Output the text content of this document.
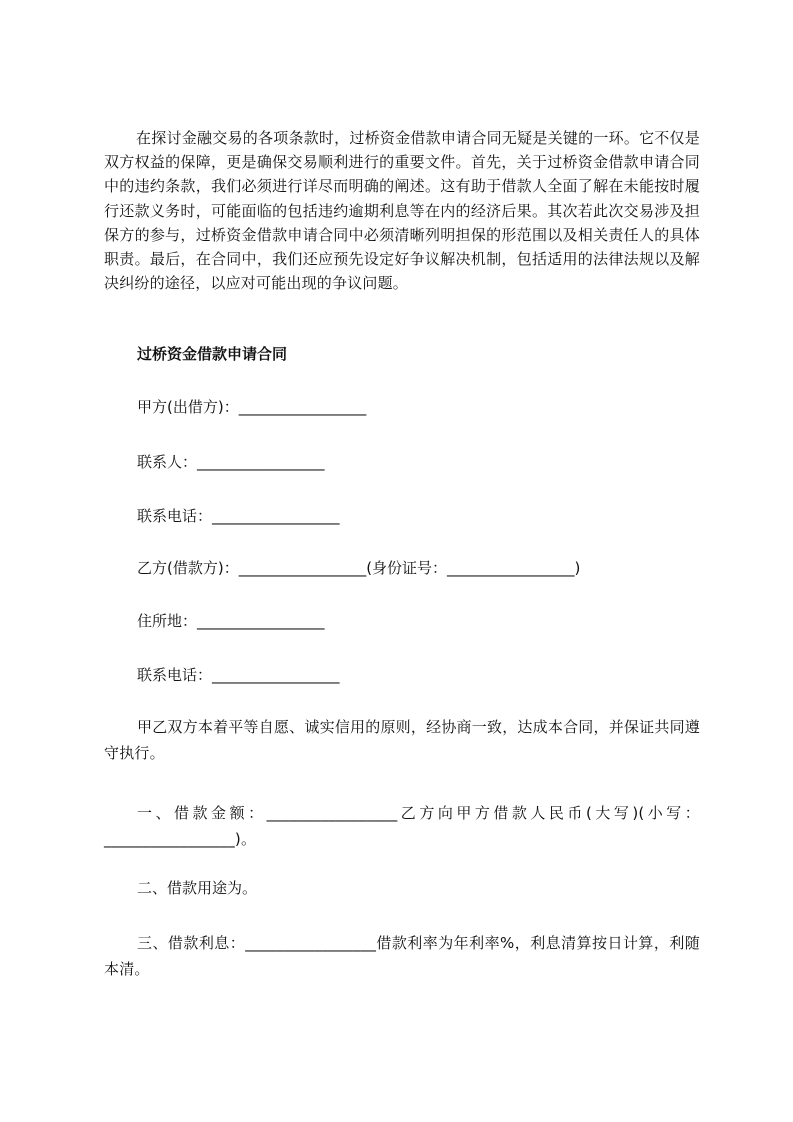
在探讨金融交易的各项条款时，过桥资金借款申请合同无疑是关键的一环。它不仅是双方权益的保障，更是确保交易顺利进行的重要文件。首先，关于过桥资金借款申请合同中的违约条款，我们必须进行详尽而明确的阐述。这有助于借款人全面了解在未能按时履行还款义务时，可能面临的包括违约逾期利息等在内的经济后果。其次若此次交易涉及担保方的参与，过桥资金借款申请合同中必须清晰列明担保的形范围以及相关责任人的具体职责。最后，在合同中，我们还应预先设定好争议解决机制，包括适用的法律法规以及解决纠纷的途径，以应对可能出现的争议问题。

过桥资金借款申请合同
甲方(出借方)：_________________
联系人：_________________
联系电话：_________________
乙方(借款方)：_________________(身份证号：_________________)
住所地：_________________
联系电话：_________________

甲乙双方本着平等自愿、诚实信用的原则，经协商一致，达成本合同，并保证共同遵守执行。

一、借款金额：_________________乙方向甲方借款人民币(大写)(小写：_________________)。

二、借款用途为。

三、借款利息：_________________借款利率为年利率%，利息清算按日计算，利随本清。
